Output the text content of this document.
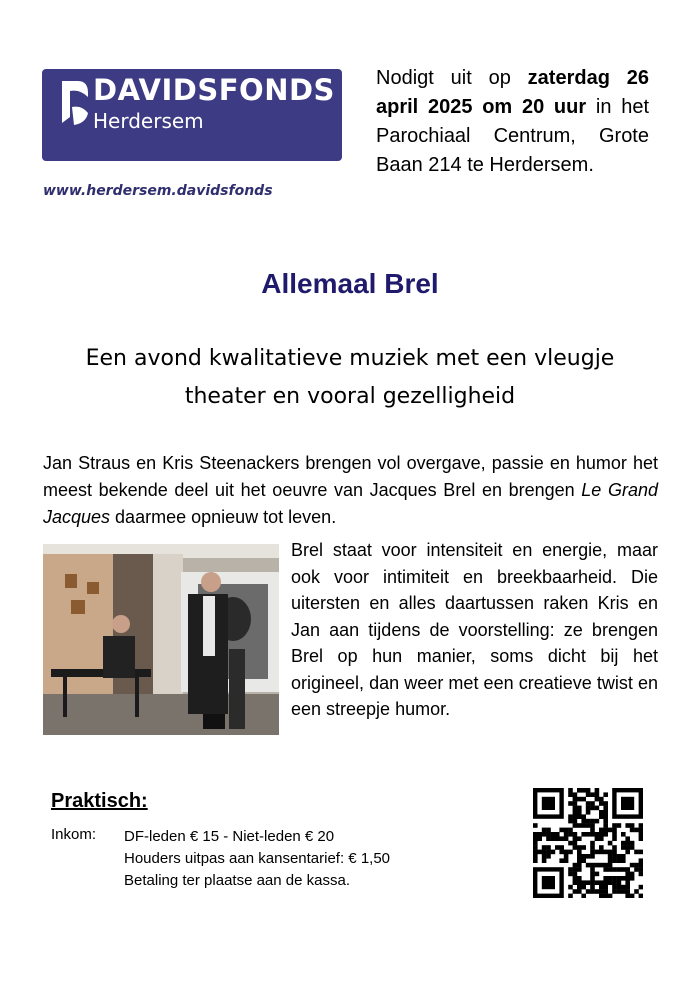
DAVIDSFONDS
Herdersem
www.herdersem.davidsfonds
Nodigt uit op zaterdag 26 april 2025 om 20 uur in het Parochiaal Centrum, Grote Baan 214 te Herdersem.
Allemaal Brel
Een avond kwalitatieve muziek met een vleugje theater en vooral gezelligheid
Jan Straus en Kris Steenackers brengen vol overgave, passie en humor het meest bekende deel uit het oeuvre van Jacques Brel en brengen Le Grand Jacques daarmee opnieuw tot leven.
Brel staat voor intensiteit en energie, maar ook voor intimiteit en breekbaarheid. Die uitersten en alles daartussen raken Kris en Jan aan tijdens de voorstelling: ze brengen Brel op hun manier, soms dicht bij het origineel, dan weer met een creatieve twist en een streepje humor.
Praktisch:
Inkom: DF-leden € 15 - Niet-leden € 20
Houders uitpas aan kansentarief: € 1,50
Betaling ter plaatse aan de kassa.
